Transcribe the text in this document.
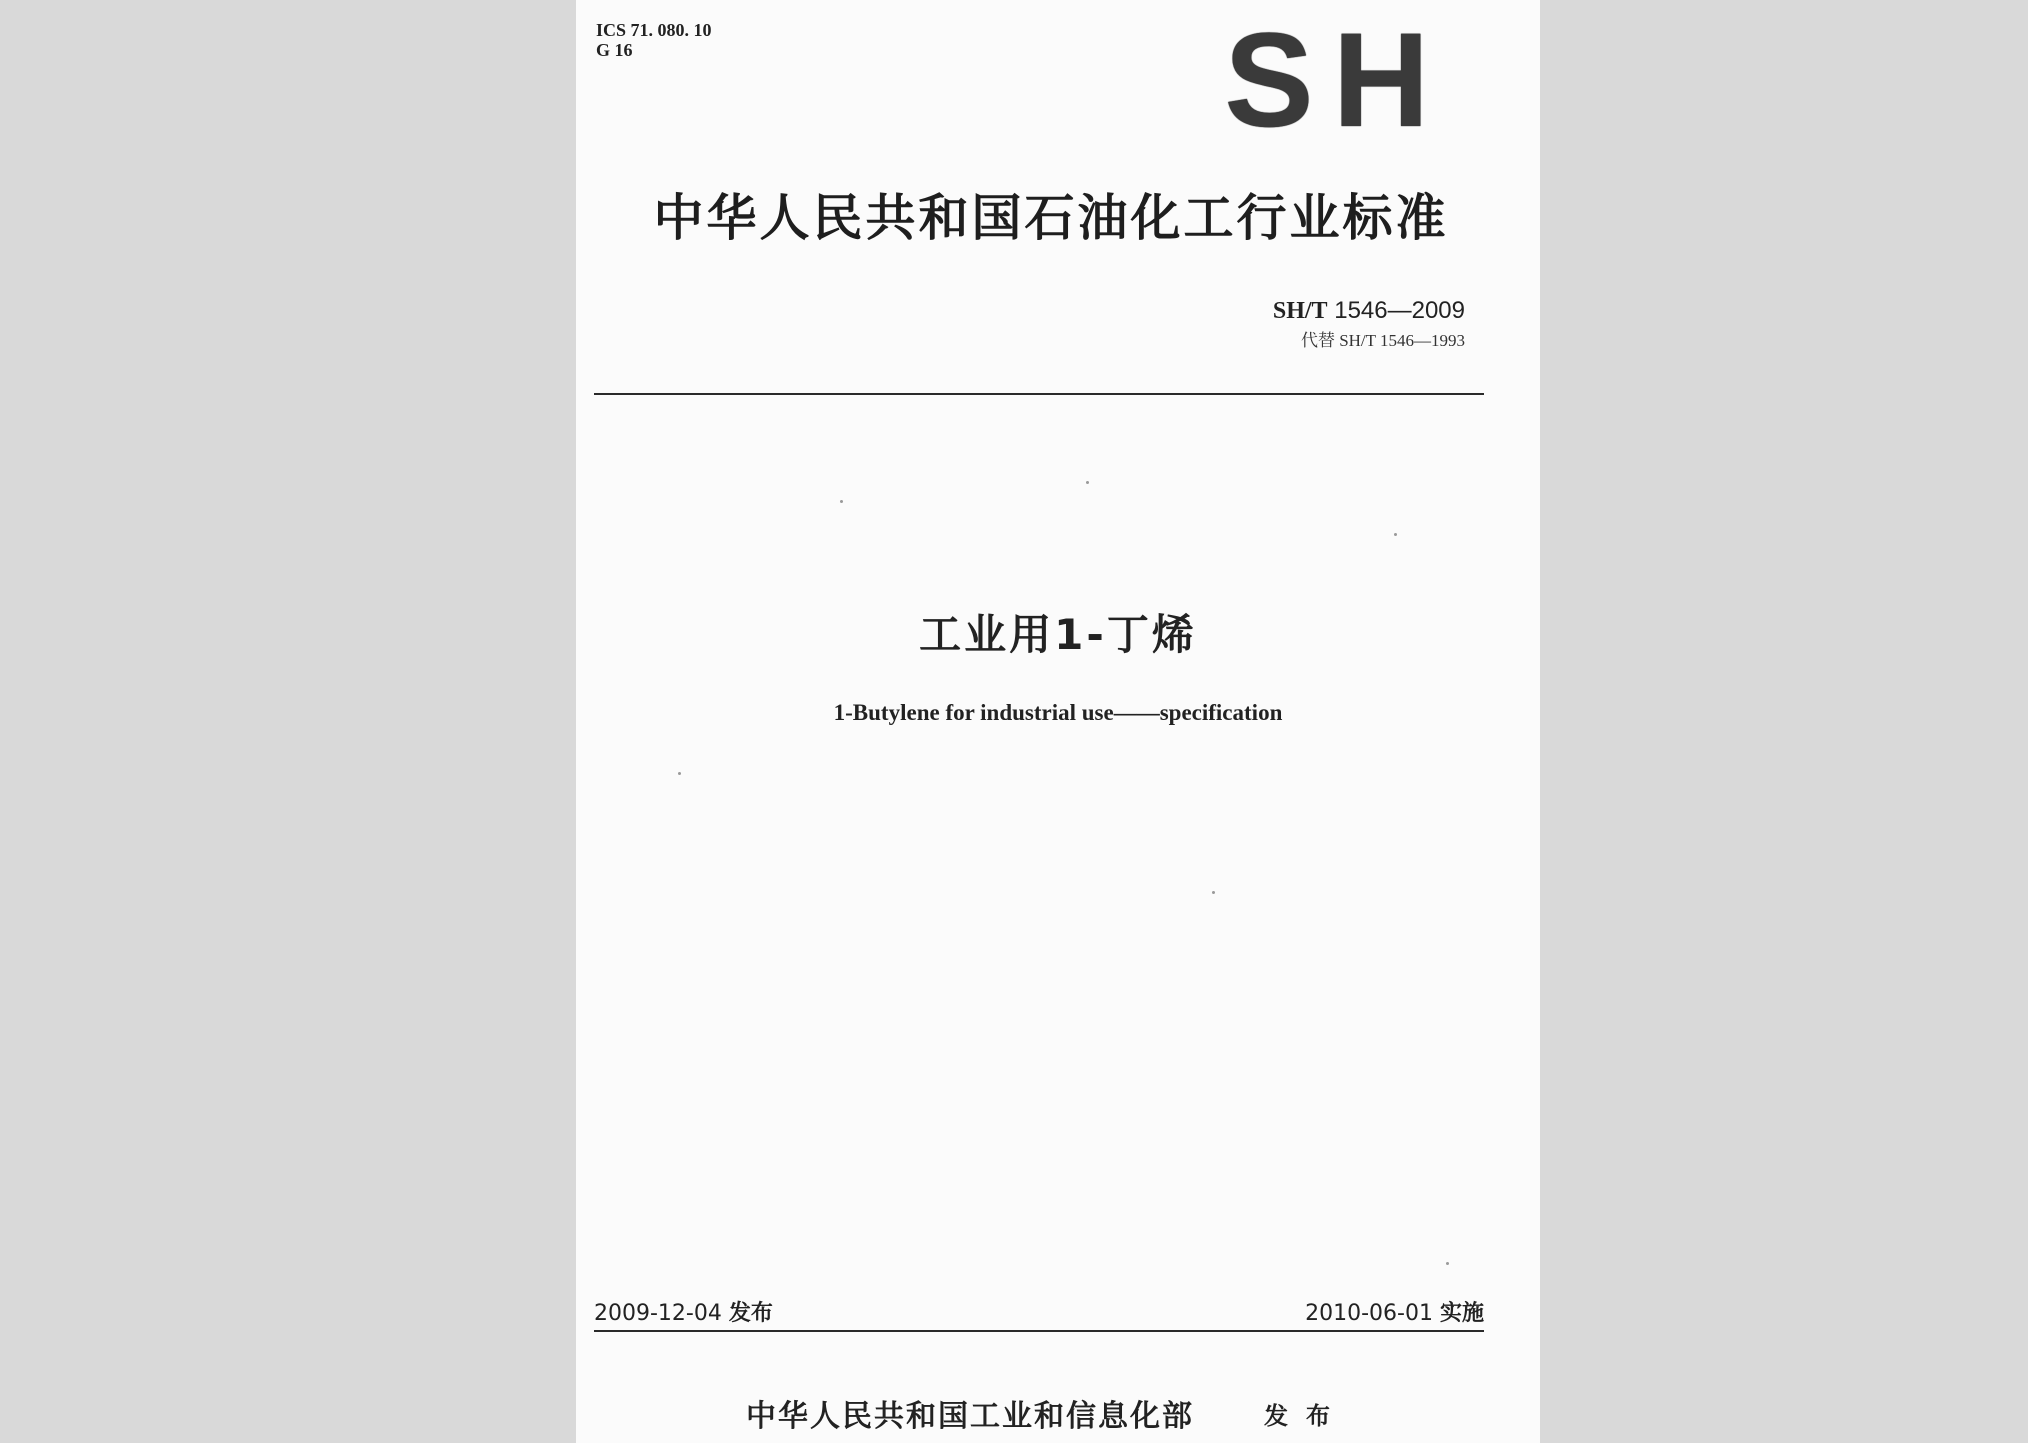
ICS 71. 080. 10
G 16	S H
中华人民共和国石油化工行业标准
SH/T 1546—2009
代替 SH/T 1546—1993
工业用1-丁烯
1-Butylene for industrial use——specification
2009-12-04 发布	2010-06-01 实施
中华人民共和国工业和信息化部	发布
